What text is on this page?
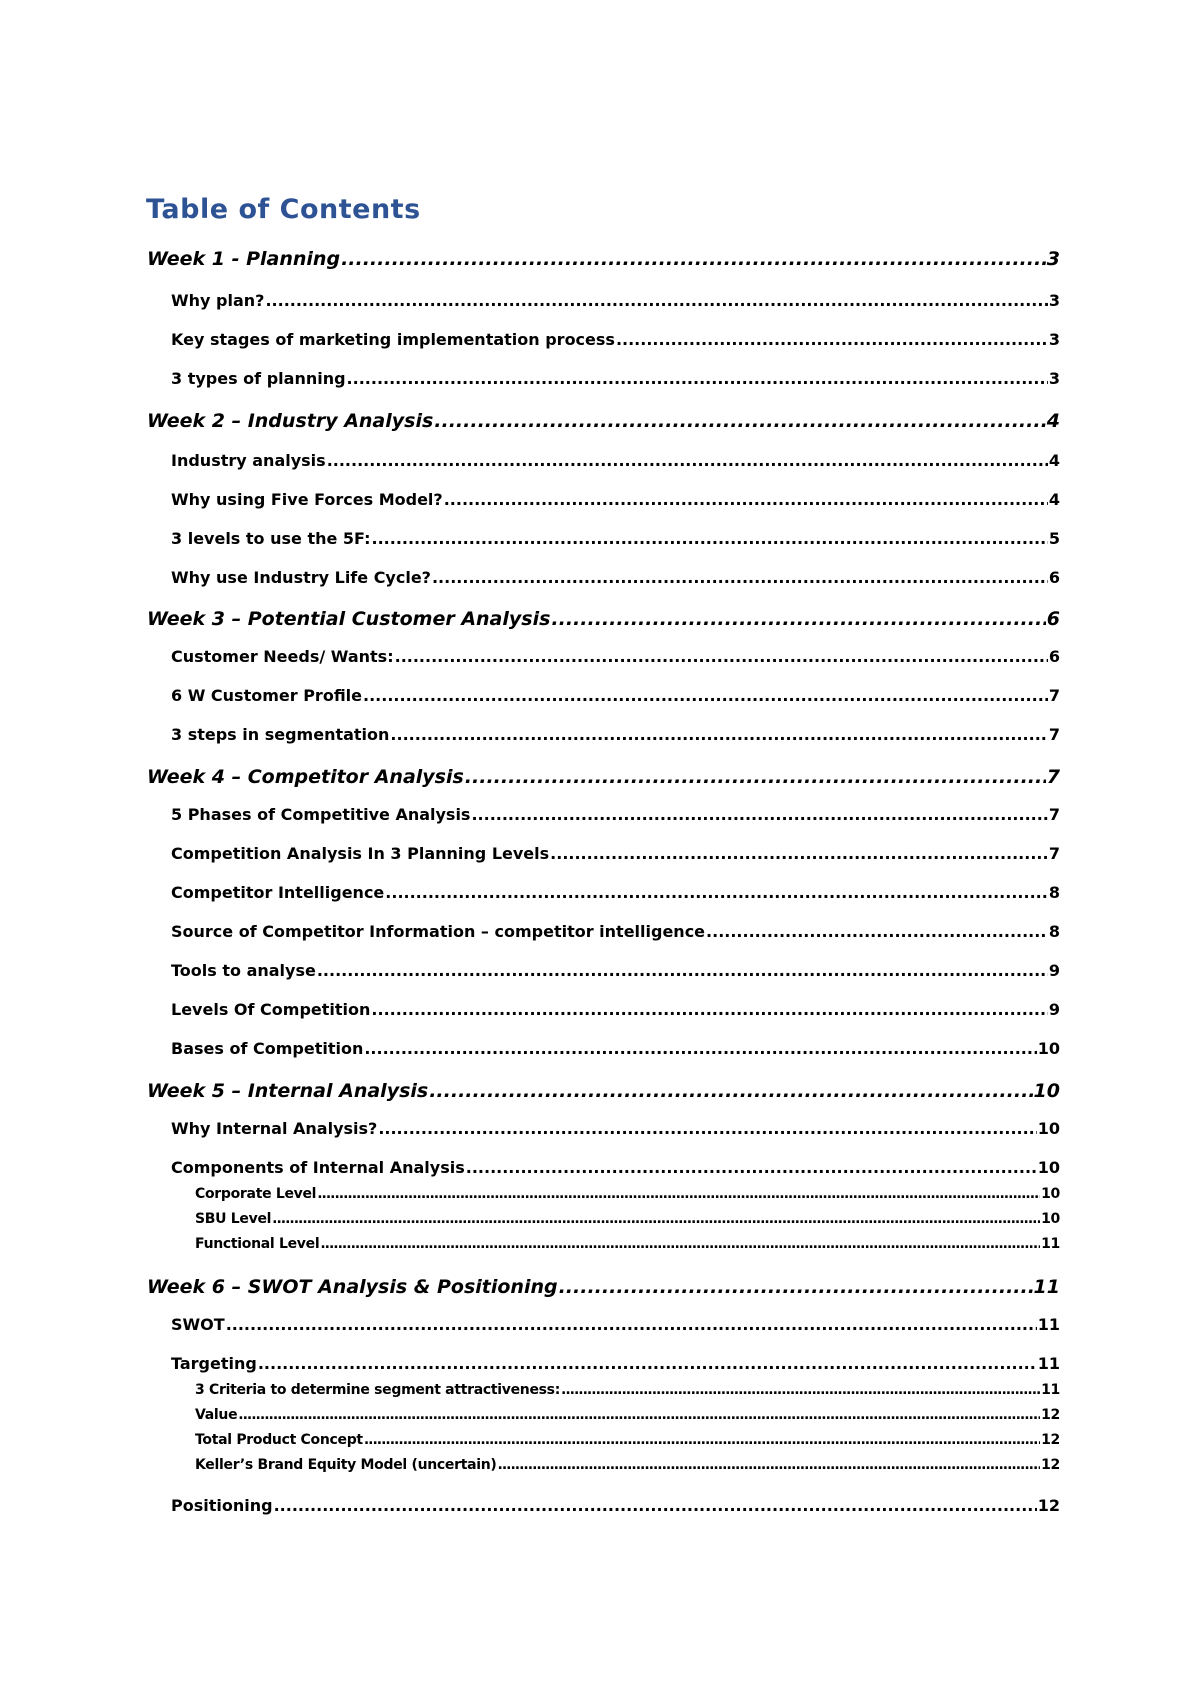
Table of Contents
Week 1 - Planning .....	3
Why plan? .....	3
Key stages of marketing implementation process .....	3
3 types of planning .....	3
Week 2 – Industry Analysis .....	4
Industry analysis .....	4
Why using Five Forces Model? .....	4
3 levels to use the 5F: .....	5
Why use Industry Life Cycle? .....	6
Week 3 – Potential Customer Analysis .....	6
Customer Needs/ Wants: .....	6
6 W Customer Profile .....	7
3 steps in segmentation .....	7
Week 4 – Competitor Analysis .....	7
5 Phases of Competitive Analysis .....	7
Competition Analysis In 3 Planning Levels .....	7
Competitor Intelligence .....	8
Source of Competitor Information – competitor intelligence .....	8
Tools to analyse .....	9
Levels Of Competition .....	9
Bases of Competition .....	10
Week 5 – Internal Analysis .....	10
Why Internal Analysis? .....	10
Components of Internal Analysis .....	10
Corporate Level .....	10
SBU Level .....	10
Functional Level .....	11
Week 6 – SWOT Analysis & Positioning .....	11
SWOT .....	11
Targeting .....	11
3 Criteria to determine segment attractiveness: .....	11
Value .....	12
Total Product Concept .....	12
Keller’s Brand Equity Model (uncertain) .....	12
Positioning .....	12
